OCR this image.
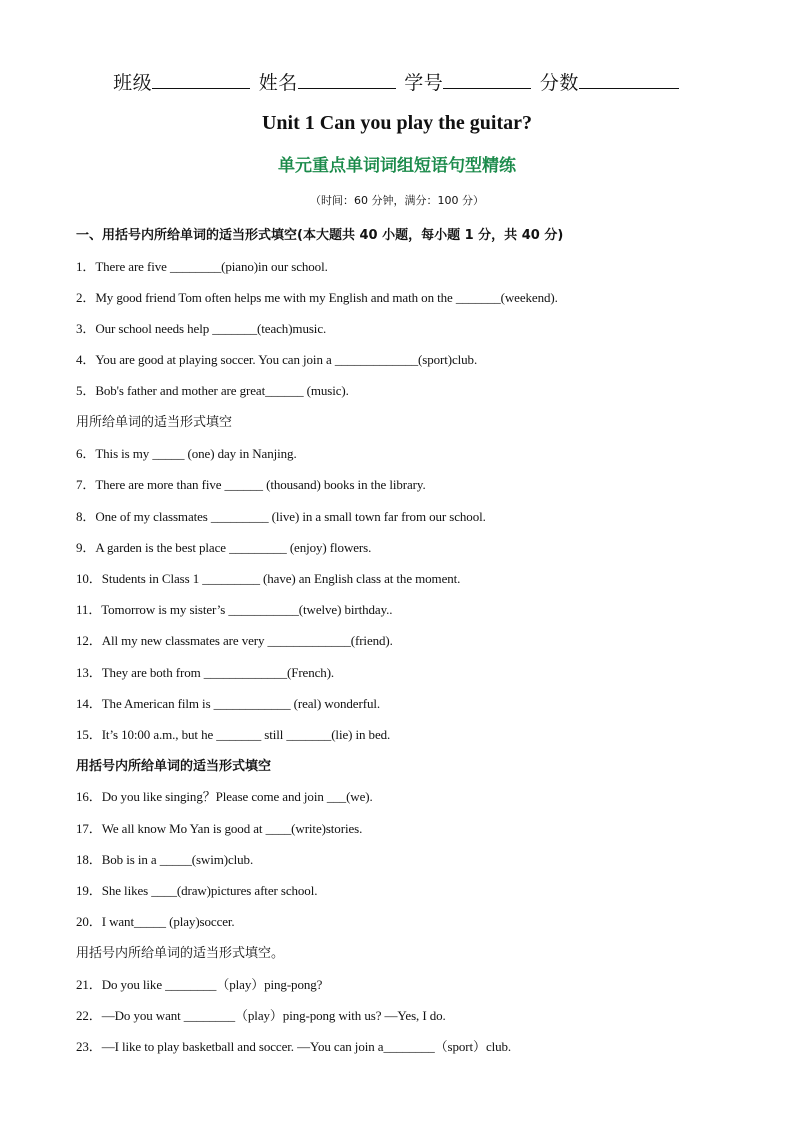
班级	姓名	学号	分数
Unit 1 Can you play the guitar?
单元重点单词词组短语句型精练
（时间：60 分钟，满分：100 分）
一、用括号内所给单词的适当形式填空(本大题共 40 小题，每小题 1 分，共 40 分)
1．There are five ________(piano)in our school.
2．My good friend Tom often helps me with my English and math on the _______(weekend).
3．Our school needs help _______(teach)music.
4．You are good at playing soccer. You can join a _____________(sport)club.
5．Bob's father and mother are great______ (music).
用所给单词的适当形式填空
6．This is my _____ (one) day in Nanjing.
7．There are more than five ______ (thousand) books in the library.
8．One of my classmates _________ (live) in a small town far from our school.
9．A garden is the best place _________ (enjoy) flowers.
10．Students in Class 1 _________ (have) an English class at the moment.
11．Tomorrow is my sister’s ___________(twelve) birthday..
12．All my new classmates are very _____________(friend).
13．They are both from _____________(French).
14．The American film is ____________ (real) wonderful.
15．It’s 10:00 a.m., but he _______ still _______(lie) in bed.
用括号内所给单词的适当形式填空
16．Do you like singing？Please come and join ___(we).
17．We all know Mo Yan is good at ____(write)stories.
18．Bob is in a _____(swim)club.
19．She likes ____(draw)pictures after school.
20．I want_____ (play)soccer.
用括号内所给单词的适当形式填空。
21．Do you like ________（play）ping-pong?
22．—Do you want ________（play）ping-pong with us? —Yes, I do.
23．—I like to play basketball and soccer. —You can join a________（sport）club.
